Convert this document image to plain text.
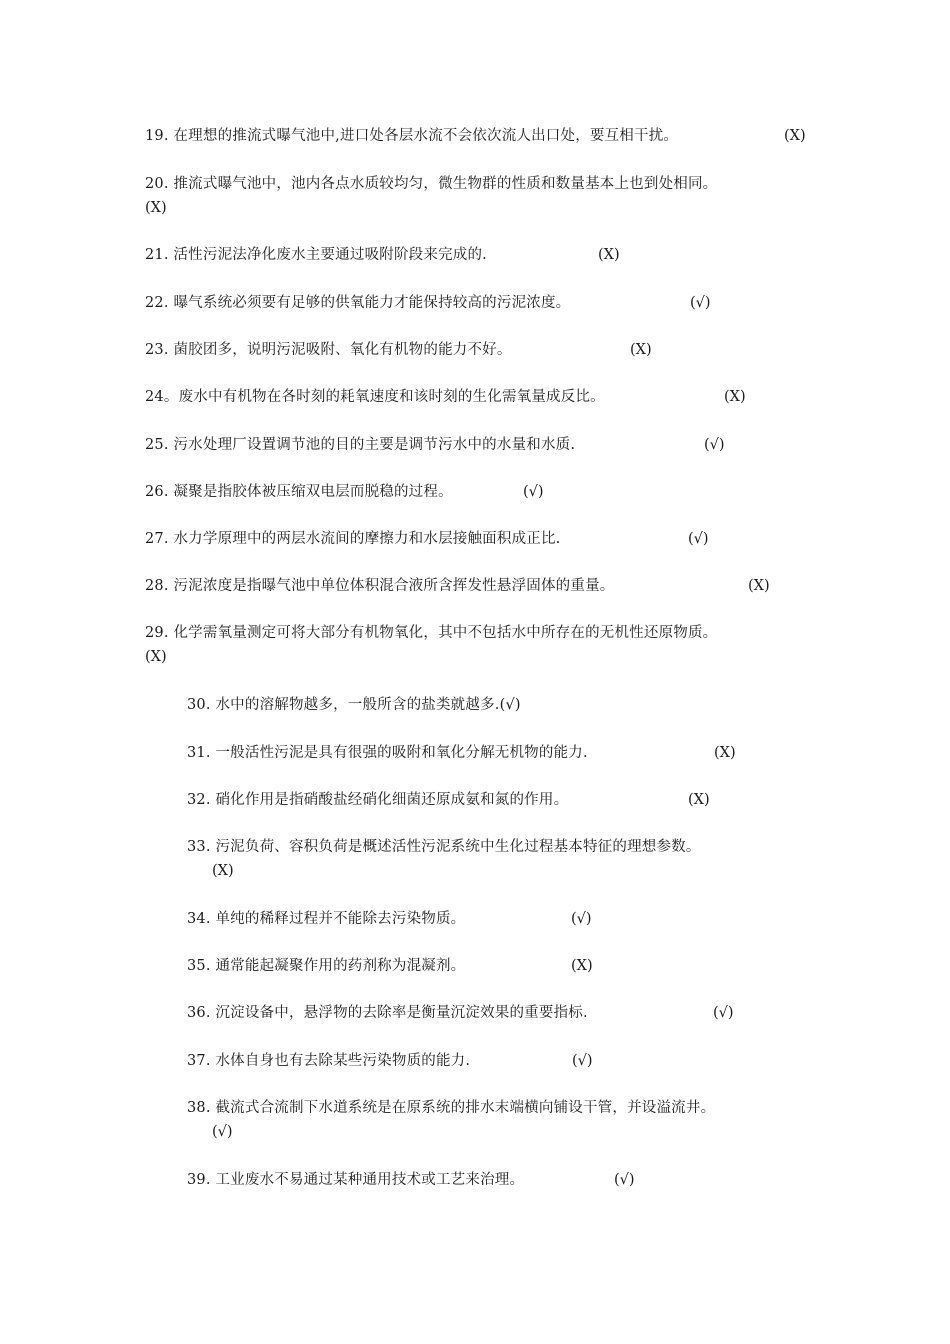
19. 在理想的推流式曝气池中,进口处各层水流不会依次流人出口处，要互相干扰。	(X)
20. 推流式曝气池中，池内各点水质较均匀，微生物群的性质和数量基本上也到处相同。
(X)
21. 活性污泥法净化废水主要通过吸附阶段来完成的.	(X)
22. 曝气系统必须要有足够的供氧能力才能保持较高的污泥浓度。	(√)
23. 菌胶团多，说明污泥吸附、氧化有机物的能力不好。	(X)
24。废水中有机物在各时刻的耗氧速度和该时刻的生化需氧量成反比。	(X)
25. 污水处理厂设置调节池的目的主要是调节污水中的水量和水质.	(√)
26. 凝聚是指胶体被压缩双电层而脱稳的过程。	(√)
27. 水力学原理中的两层水流间的摩擦力和水层接触面积成正比.	(√)
28. 污泥浓度是指曝气池中单位体积混合液所含挥发性悬浮固体的重量。	(X)
29. 化学需氧量测定可将大部分有机物氧化，其中不包括水中所存在的无机性还原物质。
(X)
30. 水中的溶解物越多，一般所含的盐类就越多.(√)
31. 一般活性污泥是具有很强的吸附和氧化分解无机物的能力.	(X)
32. 硝化作用是指硝酸盐经硝化细菌还原成氨和氮的作用。	(X)
33. 污泥负荷、容积负荷是概述活性污泥系统中生化过程基本特征的理想参数。
(X)
34. 单纯的稀释过程并不能除去污染物质。	(√)
35. 通常能起凝聚作用的药剂称为混凝剂。	(X)
36. 沉淀设备中，悬浮物的去除率是衡量沉淀效果的重要指标.	(√)
37. 水体自身也有去除某些污染物质的能力.	(√)
38. 截流式合流制下水道系统是在原系统的排水末端横向铺设干管，并设溢流井。
(√)
39. 工业废水不易通过某种通用技术或工艺来治理。	(√)
